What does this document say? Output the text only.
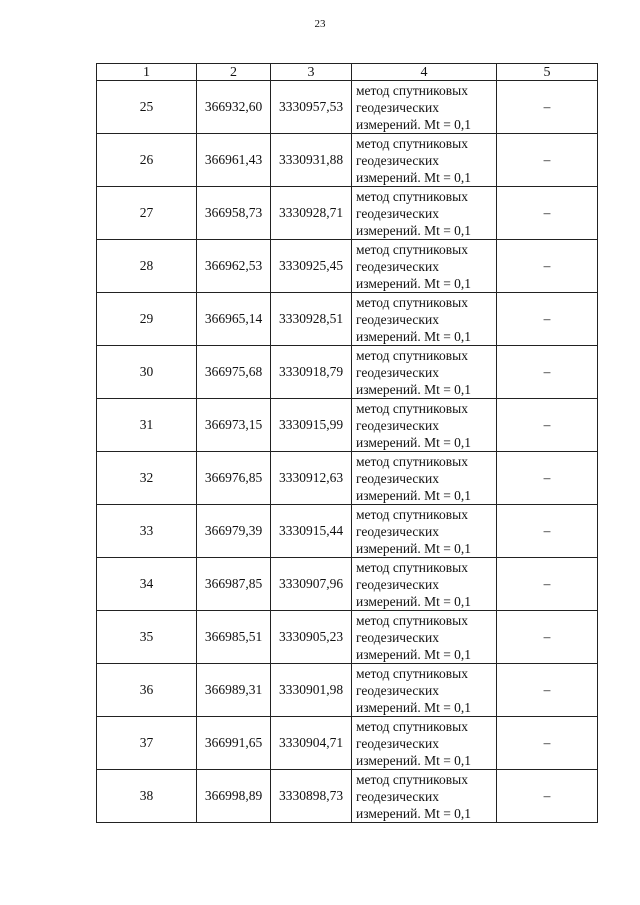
23
1	2	3	4	5
25	366932,60	3330957,53	метод спутниковых
геодезических
измерений. Mt = 0,1	–
26	366961,43	3330931,88	метод спутниковых
геодезических
измерений. Mt = 0,1	–
27	366958,73	3330928,71	метод спутниковых
геодезических
измерений. Mt = 0,1	–
28	366962,53	3330925,45	метод спутниковых
геодезических
измерений. Mt = 0,1	–
29	366965,14	3330928,51	метод спутниковых
геодезических
измерений. Mt = 0,1	–
30	366975,68	3330918,79	метод спутниковых
геодезических
измерений. Mt = 0,1	–
31	366973,15	3330915,99	метод спутниковых
геодезических
измерений. Mt = 0,1	–
32	366976,85	3330912,63	метод спутниковых
геодезических
измерений. Mt = 0,1	–
33	366979,39	3330915,44	метод спутниковых
геодезических
измерений. Mt = 0,1	–
34	366987,85	3330907,96	метод спутниковых
геодезических
измерений. Mt = 0,1	–
35	366985,51	3330905,23	метод спутниковых
геодезических
измерений. Mt = 0,1	–
36	366989,31	3330901,98	метод спутниковых
геодезических
измерений. Mt = 0,1	–
37	366991,65	3330904,71	метод спутниковых
геодезических
измерений. Mt = 0,1	–
38	366998,89	3330898,73	метод спутниковых
геодезических
измерений. Mt = 0,1	–
